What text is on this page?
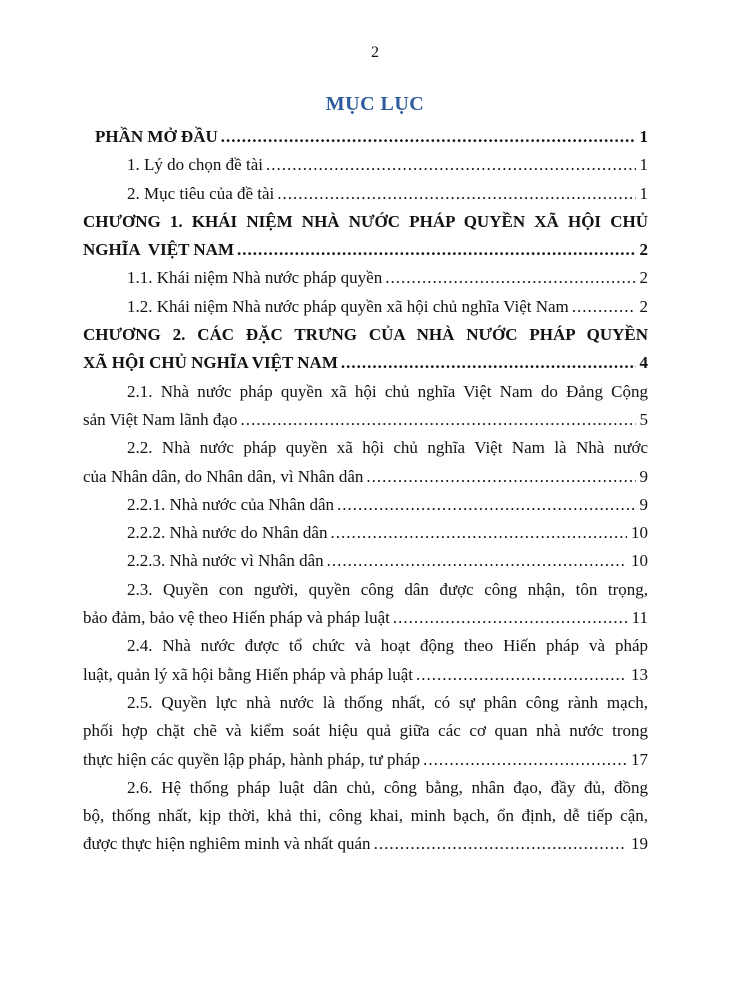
2
MỤC LỤC
PHẦN MỞ ĐẦU .....	1
1. Lý do chọn đề tài .....	1
2. Mục tiêu của đề tài .....	1
CHƯƠNG 1. KHÁI NIỆM NHÀ NƯỚC PHÁP QUYỀN XÃ HỘI CHỦ
NGHĨA  VIỆT NAM .....	2
1.1. Khái niệm Nhà nước pháp quyền .....	2
1.2. Khái niệm Nhà nước pháp quyền xã hội chủ nghĩa Việt Nam .....	2
CHƯƠNG 2. CÁC ĐẶC TRƯNG CỦA NHÀ NƯỚC PHÁP QUYỀN
XÃ HỘI CHỦ NGHĨA VIỆT NAM .....	4
2.1. Nhà nước pháp quyền xã hội chủ nghĩa Việt Nam do Đảng Cộng
sản Việt Nam lãnh đạo .....	5
2.2. Nhà nước pháp quyền xã hội chủ nghĩa Việt Nam là Nhà nước
của Nhân dân, do Nhân dân, vì Nhân dân .....	9
2.2.1. Nhà nước của Nhân dân .....	9
2.2.2. Nhà nước do Nhân dân .....	10
2.2.3. Nhà nước vì Nhân dân .....	10
2.3. Quyền con người, quyền công dân được công nhận, tôn trọng,
bảo đảm, bảo vệ theo Hiến pháp và pháp luật .....	11
2.4. Nhà nước được tổ chức và hoạt động theo Hiến pháp và pháp
luật, quản lý xã hội bằng Hiến pháp và pháp luật .....	13
2.5. Quyền lực nhà nước là thống nhất, có sự phân công rành mạch,
phối hợp chặt chẽ và kiểm soát hiệu quả giữa các cơ quan nhà nước trong
thực hiện các quyền lập pháp, hành pháp, tư pháp .....	17
2.6. Hệ thống pháp luật dân chủ, công bằng, nhân đạo, đầy đủ, đồng
bộ, thống nhất, kịp thời, khả thi, công khai, minh bạch, ổn định, dễ tiếp cận,
được thực hiện nghiêm minh và nhất quán .....	19
